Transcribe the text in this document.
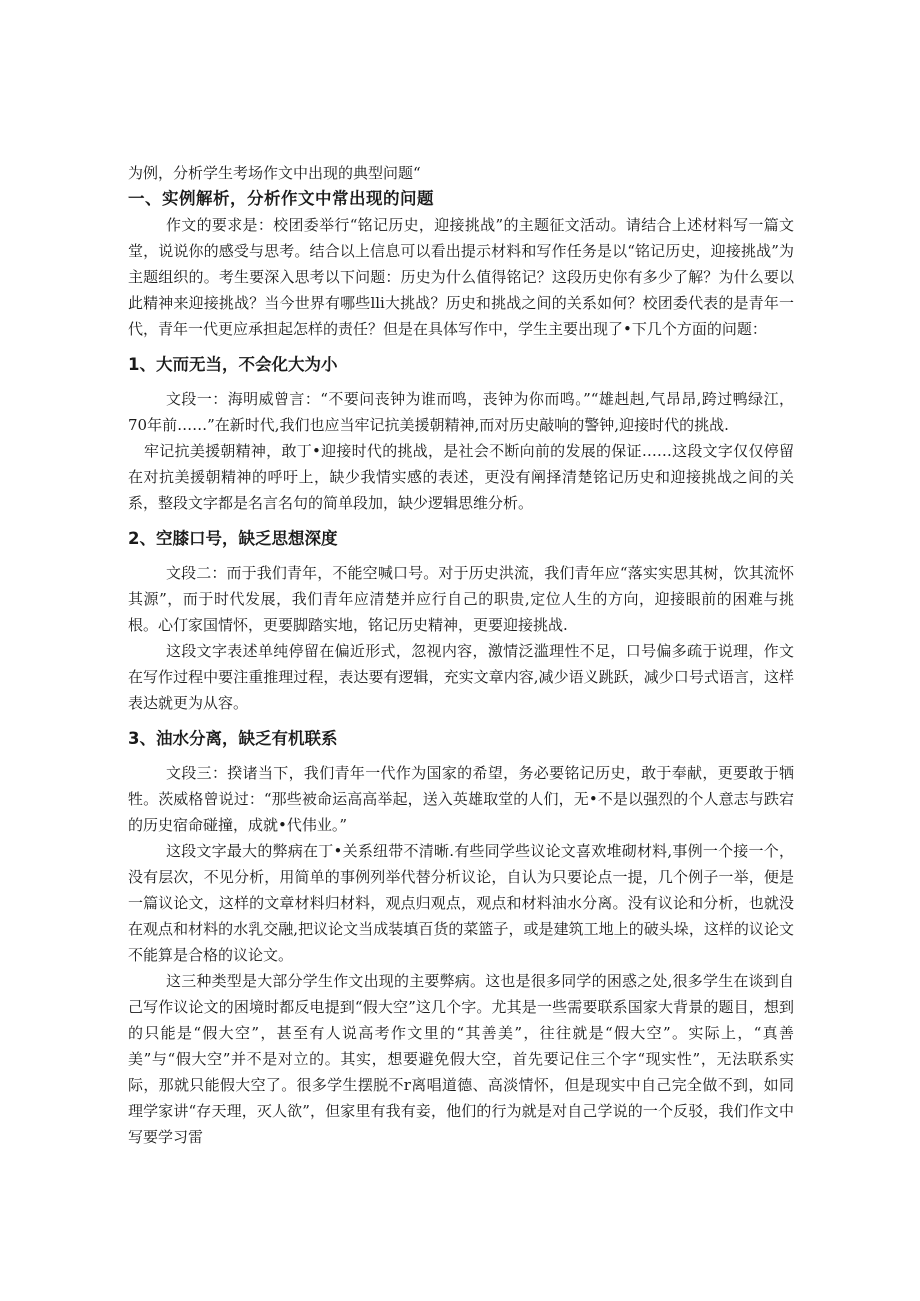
为例，分析学生考场作文中出现的典型问题“
一、实例解析，分析作文中常出现的问题

作文的要求是：校团委举行“铭记历史，迎接挑战”的主题征文活动。请结合上述材料写一篇文堂，说说你的感受与思考。结合以上信息可以看出提示材料和写作任务是以“铭记历史，迎接挑战”为主题组织的。考生要深入思考以下问题：历史为什么值得铭记？这段历史你有多少了解？为什么要以此精神来迎接挑战？当今世界有哪些lli大挑战？历史和挑战之间的关系如何？校团委代表的是青年一代，青年一代更应承担起怎样的责任？但是在具体写作中，学生主要出现了•下几个方面的问题：

1、大而无当，不会化大为小

文段一：海明威曾言：“不要问丧钟为谁而鸣，丧钟为你而鸣。”“雄赳赳,气昂昂,跨过鸭绿江，70年前……”在新时代,我们也应当牢记抗美援朝精神,而对历史敲响的警钟,迎接时代的挑战.

牢记抗美援朝精神，敢丁•迎接时代的挑战，是社会不断向前的发展的保证……这段文字仅仅停留在对抗美援朝精神的呼吁上，缺少我情实感的表述，更没有阐择清楚铭记历史和迎接挑战之间的关系，整段文字都是名言名句的简单段加，缺少逻辑思维分析。

2、空膝口号，缺乏思想深度

文段二：而于我们青年，不能空喊口号。对于历史洪流，我们青年应“落实实思其树，饮其流怀其源”，而于时代发展，我们青年应清楚并应行自己的职贵,定位人生的方向，迎接眼前的困难与挑根。心仃家国情怀，更要脚踏实地，铭记历史精神，更要迎接挑战.

这段文字表述单纯停留在偏近形式，忽视内容，激情泛滥理性不足，口号偏多疏于说理，作文在写作过程中要注重推理过程，表达要有逻辑，充实文章内容,减少语义跳跃，减少口号式语言，这样表达就更为从容。

3、油水分离，缺乏有机联系

文段三：揆诸当下，我们青年一代作为国家的希望，务必要铭记历史，敢于奉献，更要敢于牺牲。茨威格曾说过：“那些被命运高高举起，送入英雄取堂的人们，无•不是以强烈的个人意志与跌宕的历史宿命碰撞，成就•代伟业。”

这段文字最大的弊病在丁•关系纽带不清晰.有些同学些议论文喜欢堆砌材料,事例一个接一个，没有层次，不见分析，用简单的事例列举代替分析议论，自认为只要论点一提，几个例子一举，便是一篇议论文，这样的文章材料归材料，观点归观点，观点和材料油水分离。没有议论和分析，也就没在观点和材料的水乳交融,把议论文当成装填百货的菜篮子，或是建筑工地上的破头垛，这样的议论文不能算是合格的议论文。

这三种类型是大部分学生作文出现的主要弊病。这也是很多同学的困惑之处,很多学生在谈到自己写作议论文的困境时都反电提到“假大空”这几个字。尤其是一些需要联系国家大背景的题目，想到的只能是“假大空”，甚至有人说高考作文里的“其善美”，往往就是“假大空”。实际上，“真善美”与“假大空”并不是对立的。其实，想要避免假大空，首先要记住三个字“现实性”，无法联系实际，那就只能假大空了。很多学生摆脱不r离唱道德、高淡情怀，但是现实中自己完全做不到，如同理学家讲“存天理，灭人欲”，但家里有我有妾，他们的行为就是对自己学说的一个反驳，我们作文中写要学习雷
